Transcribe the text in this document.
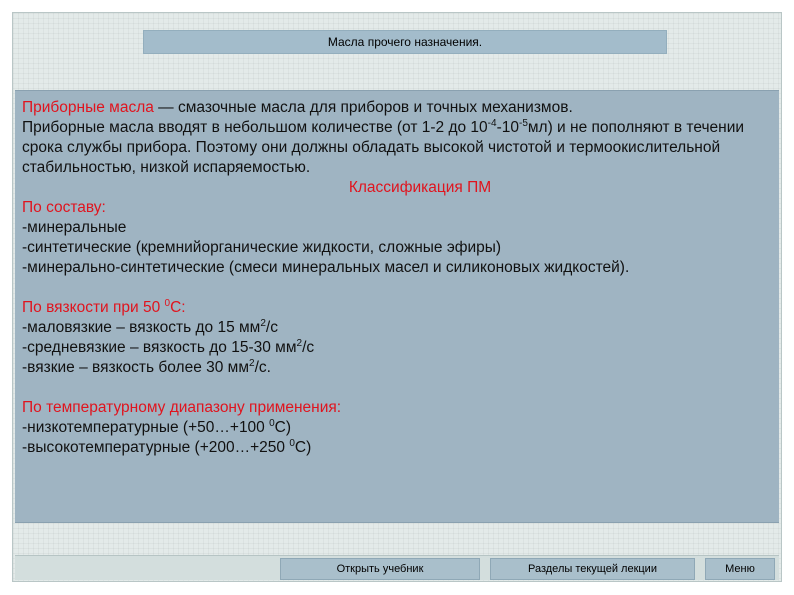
Масла прочего назначения.

Приборные масла — смазочные масла для приборов и точных механизмов.

Приборные масла вводят в небольшом количестве (от 1-2 до $10^{-4}-10^{-5}мл$) и не пополняют в течении срока службы прибора. Поэтому они должны обладать высокой чистотой и термоокислительной стабильностью, низкой испаряемостью.

Классификация ПМ

По составу:

-минеральные

-синтетические (кремнийорганические жидкости, сложные эфиры)

-минерально-синтетические (смеси минеральных масел и силиконовых жидкостей).

По вязкости при 50 $^0$С:

-маловязкие – вязкость до 15 $мм^2/с$

-средневязкие – вязкость до 15-30 $мм^2/с$

-вязкие – вязкость более 30 $мм^2/с$.

По температурному диапазону применения:

-низкотемпературные (+50…+100 $^0$С)

-высокотемпературные (+200…+250 $^0$С)

Открыть учебник	Разделы текущей лекции	Меню
